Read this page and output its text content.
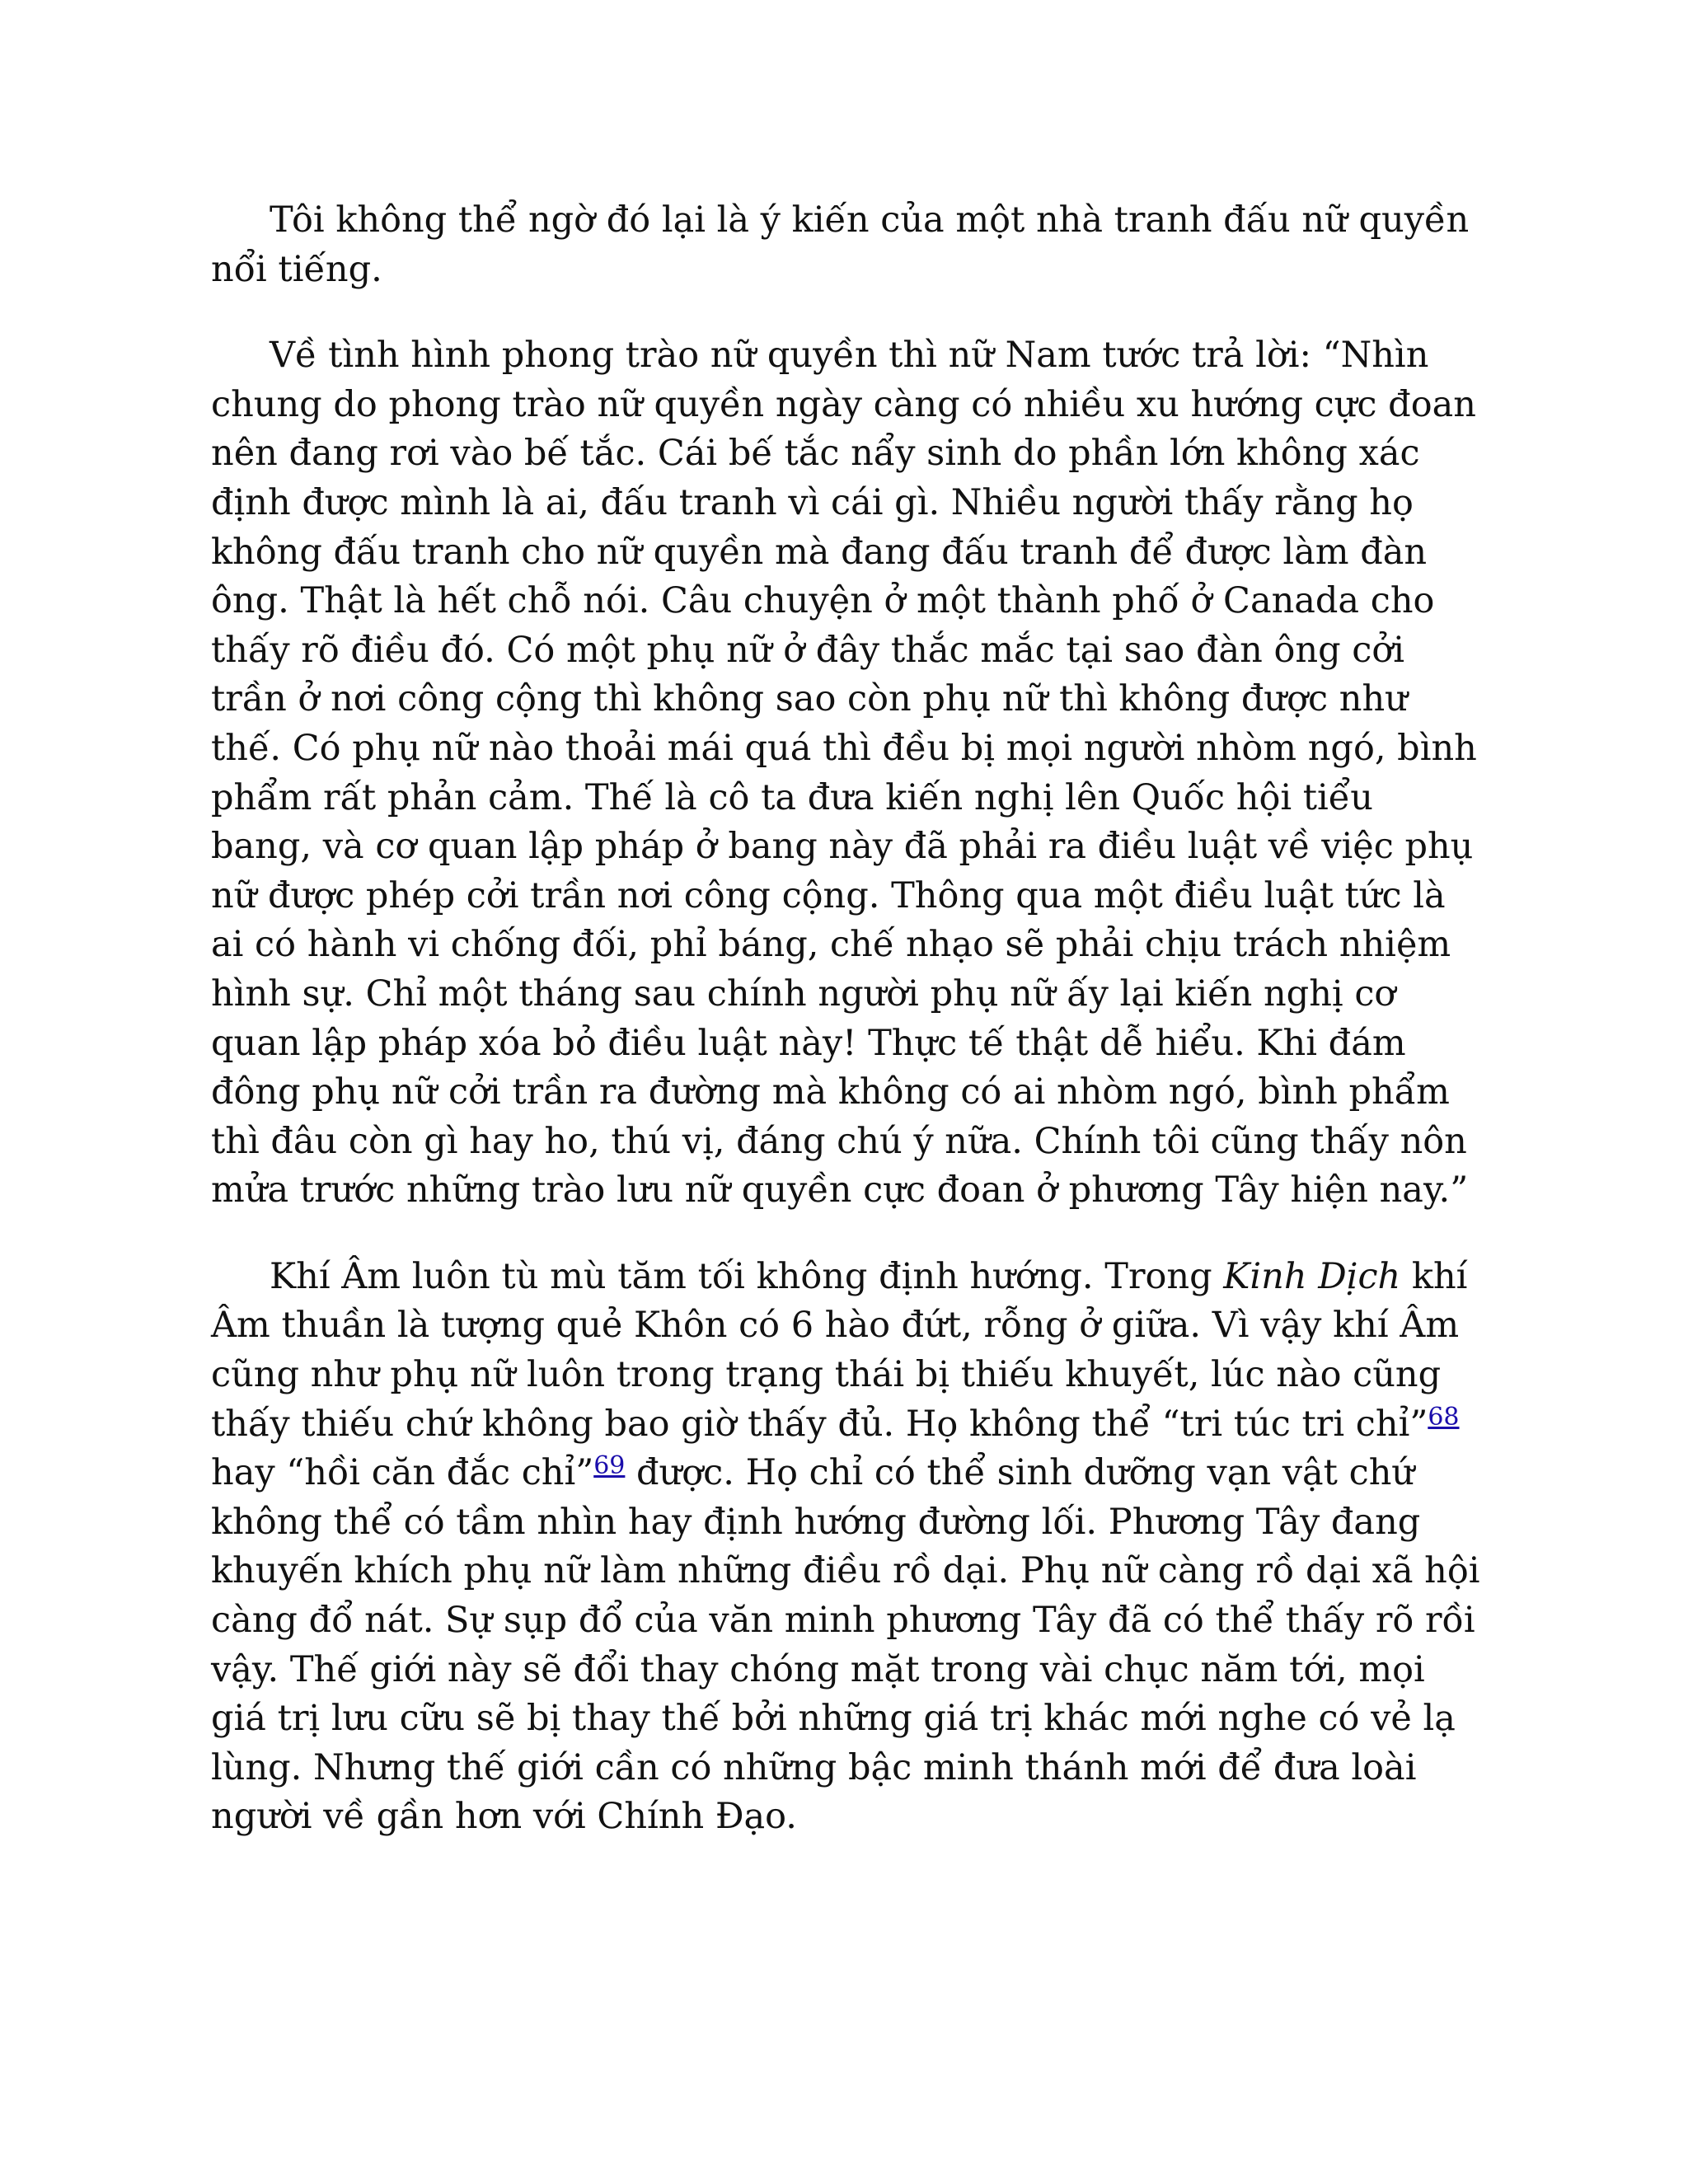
Tôi không thể ngờ đó lại là ý kiến của một nhà tranh đấu nữ quyền nổi tiếng.

Về tình hình phong trào nữ quyền thì nữ Nam tước trả lời: “Nhìn chung do phong trào nữ quyền ngày càng có nhiều xu hướng cực đoan nên đang rơi vào bế tắc. Cái bế tắc nẩy sinh do phần lớn không xác định được mình là ai, đấu tranh vì cái gì. Nhiều người thấy rằng họ không đấu tranh cho nữ quyền mà đang đấu tranh để được làm đàn ông. Thật là hết chỗ nói. Câu chuyện ở một thành phố ở Canada cho thấy rõ điều đó. Có một phụ nữ ở đây thắc mắc tại sao đàn ông cởi trần ở nơi công cộng thì không sao còn phụ nữ thì không được như thế. Có phụ nữ nào thoải mái quá thì đều bị mọi người nhòm ngó, bình phẩm rất phản cảm. Thế là cô ta đưa kiến nghị lên Quốc hội tiểu bang, và cơ quan lập pháp ở bang này đã phải ra điều luật về việc phụ nữ được phép cởi trần nơi công cộng. Thông qua một điều luật tức là ai có hành vi chống đối, phỉ báng, chế nhạo sẽ phải chịu trách nhiệm hình sự. Chỉ một tháng sau chính người phụ nữ ấy lại kiến nghị cơ quan lập pháp xóa bỏ điều luật này! Thực tế thật dễ hiểu. Khi đám đông phụ nữ cởi trần ra đường mà không có ai nhòm ngó, bình phẩm thì đâu còn gì hay ho, thú vị, đáng chú ý nữa. Chính tôi cũng thấy nôn mửa trước những trào lưu nữ quyền cực đoan ở phương Tây hiện nay.”

Khí Âm luôn tù mù tăm tối không định hướng. Trong Kinh Dịch khí Âm thuần là tượng quẻ Khôn có 6 hào đứt, rỗng ở giữa. Vì vậy khí Âm cũng như phụ nữ luôn trong trạng thái bị thiếu khuyết, lúc nào cũng thấy thiếu chứ không bao giờ thấy đủ. Họ không thể “tri túc tri chỉ”$^{68}$ hay “hồi căn đắc chỉ”$^{69}$ được. Họ chỉ có thể sinh dưỡng vạn vật chứ không thể có tầm nhìn hay định hướng đường lối. Phương Tây đang khuyến khích phụ nữ làm những điều rồ dại. Phụ nữ càng rồ dại xã hội càng đổ nát. Sự sụp đổ của văn minh phương Tây đã có thể thấy rõ rồi vậy. Thế giới này sẽ đổi thay chóng mặt trong vài chục năm tới, mọi giá trị lưu cữu sẽ bị thay thế bởi những giá trị khác mới nghe có vẻ lạ lùng. Nhưng thế giới cần có những bậc minh thánh mới để đưa loài người về gần hơn với Chính Đạo.
